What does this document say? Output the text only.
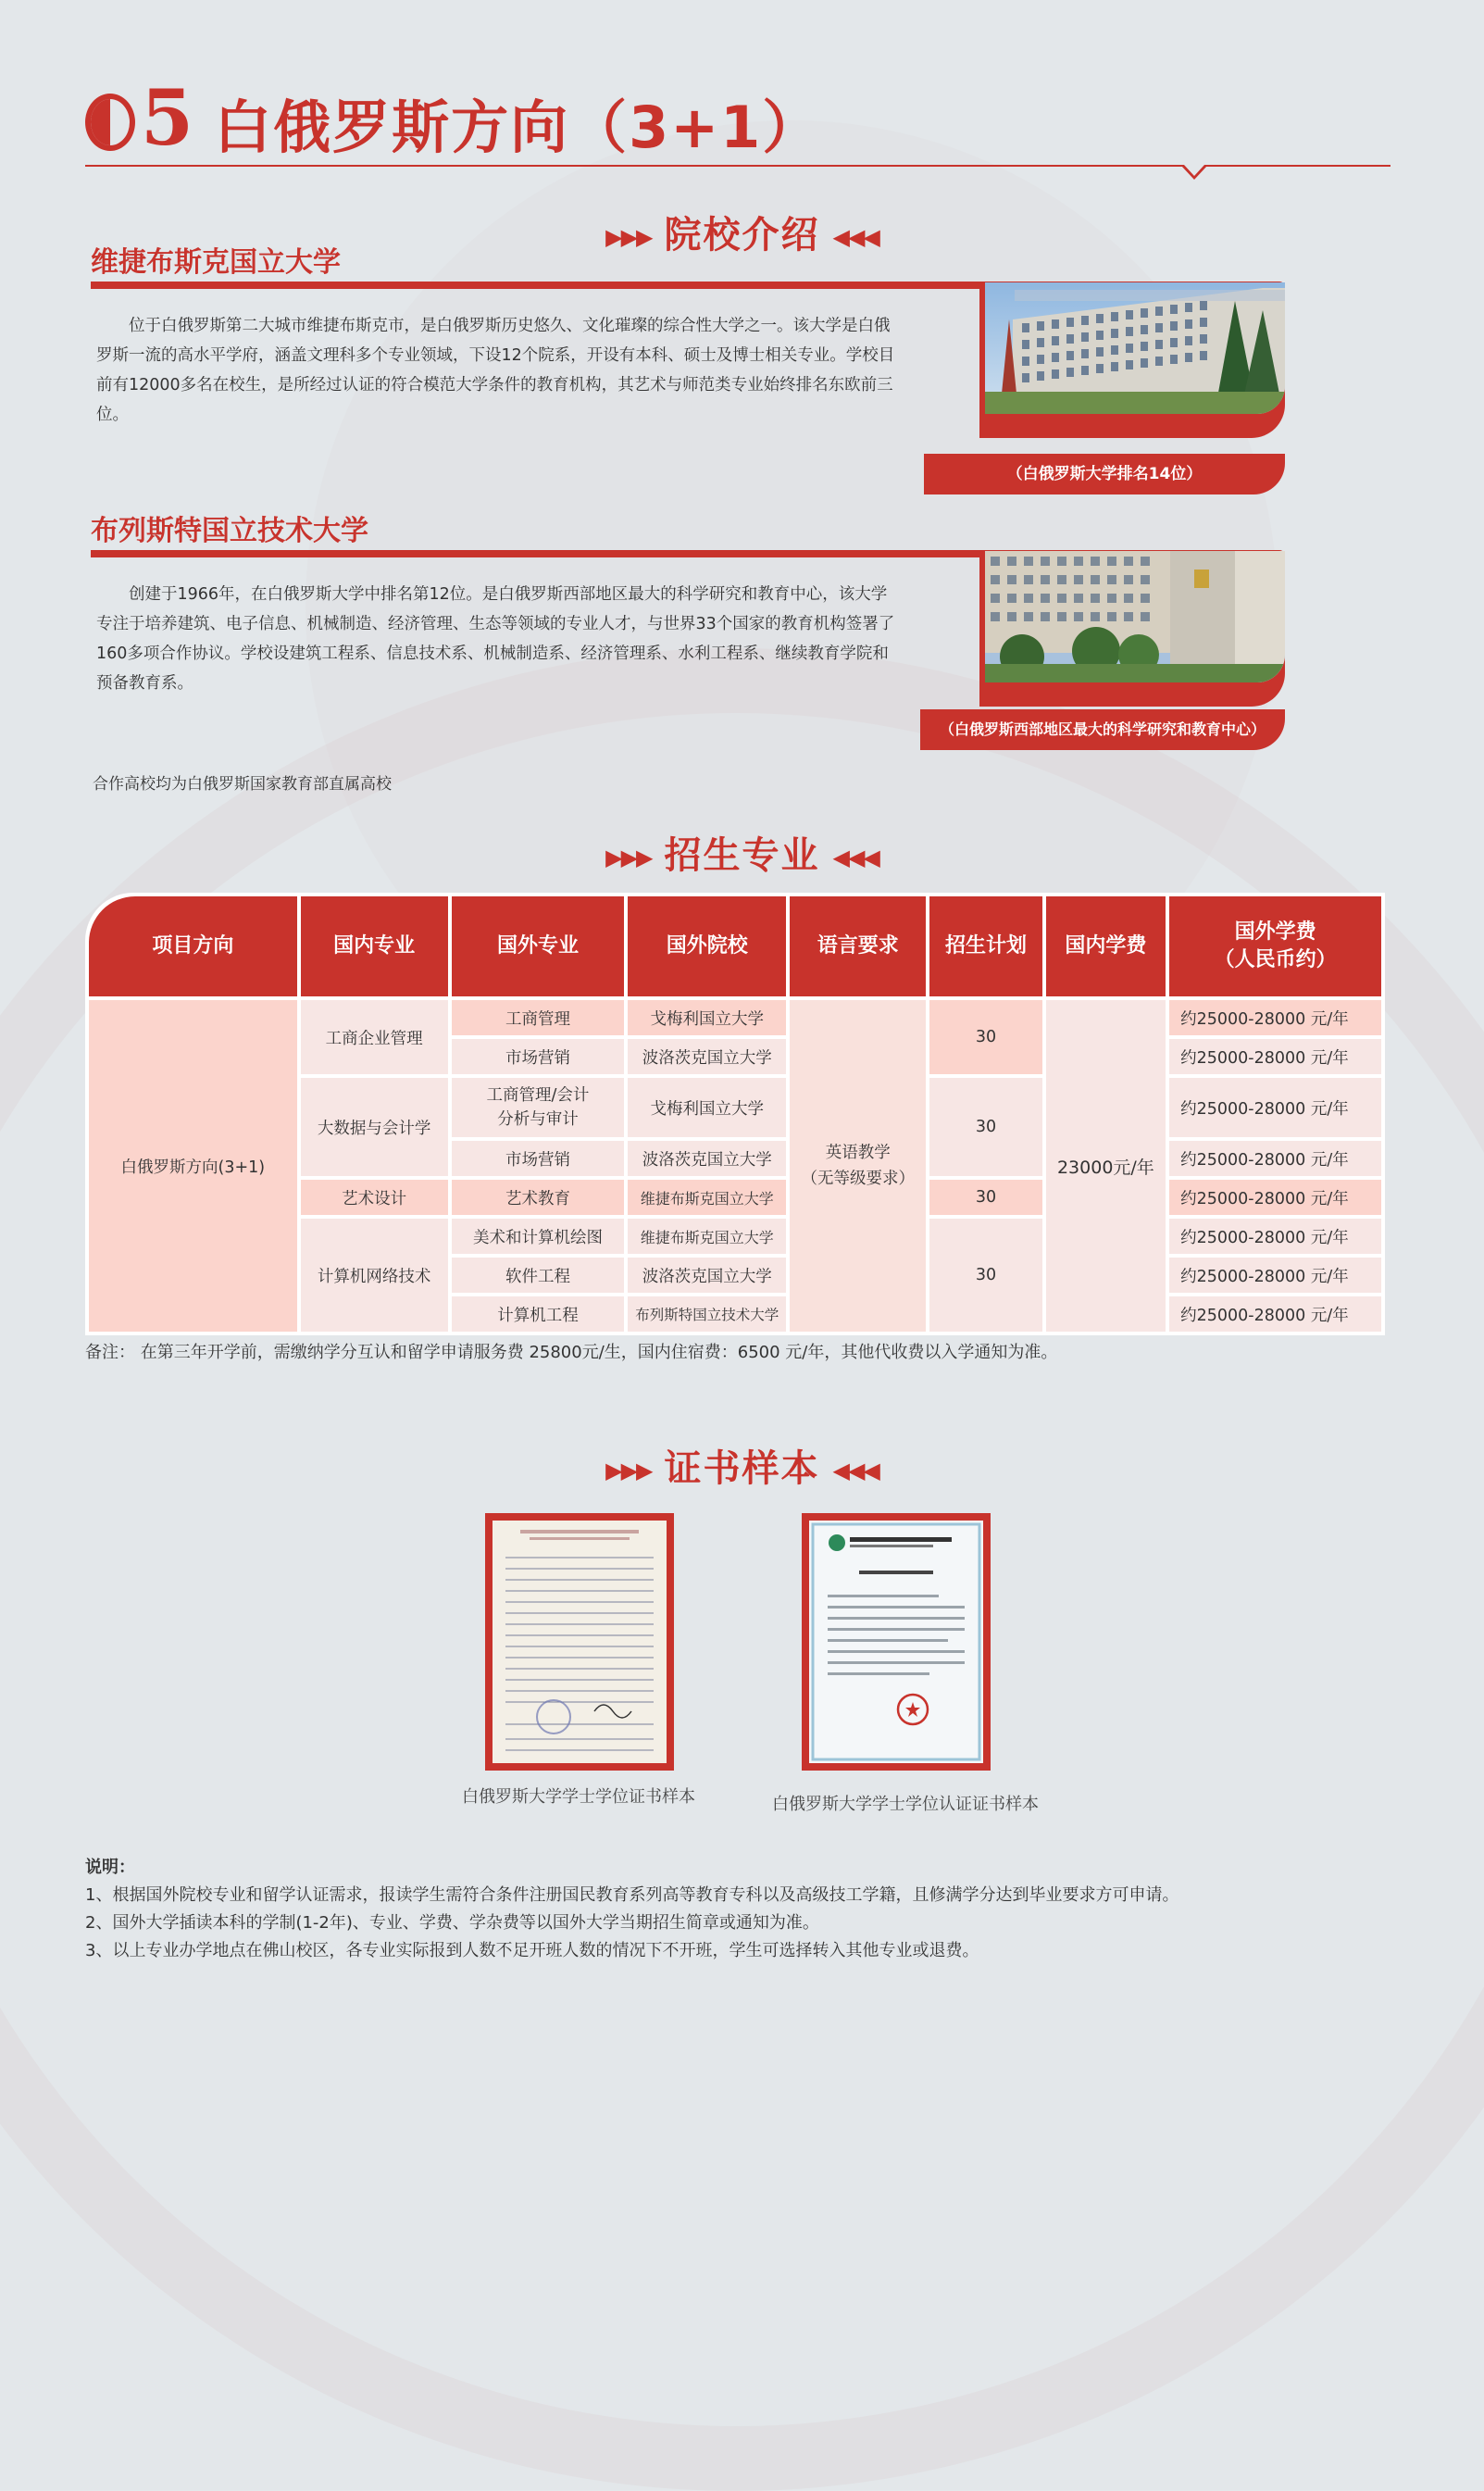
5 白俄罗斯方向（3+1）
▶▶▶ 院校介绍 ◀◀◀
维捷布斯克国立大学

位于白俄罗斯第二大城市维捷布斯克市，是白俄罗斯历史悠久、文化璀璨的综合性大学之一。该大学是白俄罗斯一流的高水平学府，涵盖文理科多个专业领域，下设12个院系，开设有本科、硕士及博士相关专业。学校目前有12000多名在校生，是所经过认证的符合模范大学条件的教育机构，其艺术与师范类专业始终排名东欧前三位。

（白俄罗斯大学排名14位）
布列斯特国立技术大学

创建于1966年，在白俄罗斯大学中排名第12位。是白俄罗斯西部地区最大的科学研究和教育中心，该大学专注于培养建筑、电子信息、机械制造、经济管理、生态等领域的专业人才，与世界33个国家的教育机构签署了160多项合作协议。学校设建筑工程系、信息技术系、机械制造系、经济管理系、水利工程系、继续教育学院和预备教育系。

（白俄罗斯西部地区最大的科学研究和教育中心）
合作高校均为白俄罗斯国家教育部直属高校
▶▶▶ 招生专业 ◀◀◀
项目方向	国内专业	国外专业	国外院校	语言要求	招生计划	国内学费	国外学费
（人民币约）
白俄罗斯方向(3+1)	工商企业管理	工商管理	戈梅利国立大学	英语教学
（无等级要求）	30	23000元/年	约25000-28000 元/年
		市场营销	波洛茨克国立大学				约25000-28000 元/年
	大数据与会计学	工商管理/会计
分析与审计	戈梅利国立大学		30		约25000-28000 元/年
		市场营销	波洛茨克国立大学				约25000-28000 元/年
	艺术设计	艺术教育	维捷布斯克国立大学		30		约25000-28000 元/年
	计算机网络技术	美术和计算机绘图	维捷布斯克国立大学		30		约25000-28000 元/年
		软件工程	波洛茨克国立大学				约25000-28000 元/年
		计算机工程	布列斯特国立技术大学				约25000-28000 元/年
备注： 在第三年开学前，需缴纳学分互认和留学申请服务费 25800元/生，国内住宿费：6500 元/年，其他代收费以入学通知为准。
▶▶▶ 证书样本 ◀◀◀
白俄罗斯大学学士学位证书样本	白俄罗斯大学学士学位认证证书样本

说明：

1、根据国外院校专业和留学认证需求，报读学生需符合条件注册国民教育系列高等教育专科以及高级技工学籍，且修满学分达到毕业要求方可申请。

2、国外大学插读本科的学制(1-2年)、专业、学费、学杂费等以国外大学当期招生简章或通知为准。

3、以上专业办学地点在佛山校区，各专业实际报到人数不足开班人数的情况下不开班，学生可选择转入其他专业或退费。
